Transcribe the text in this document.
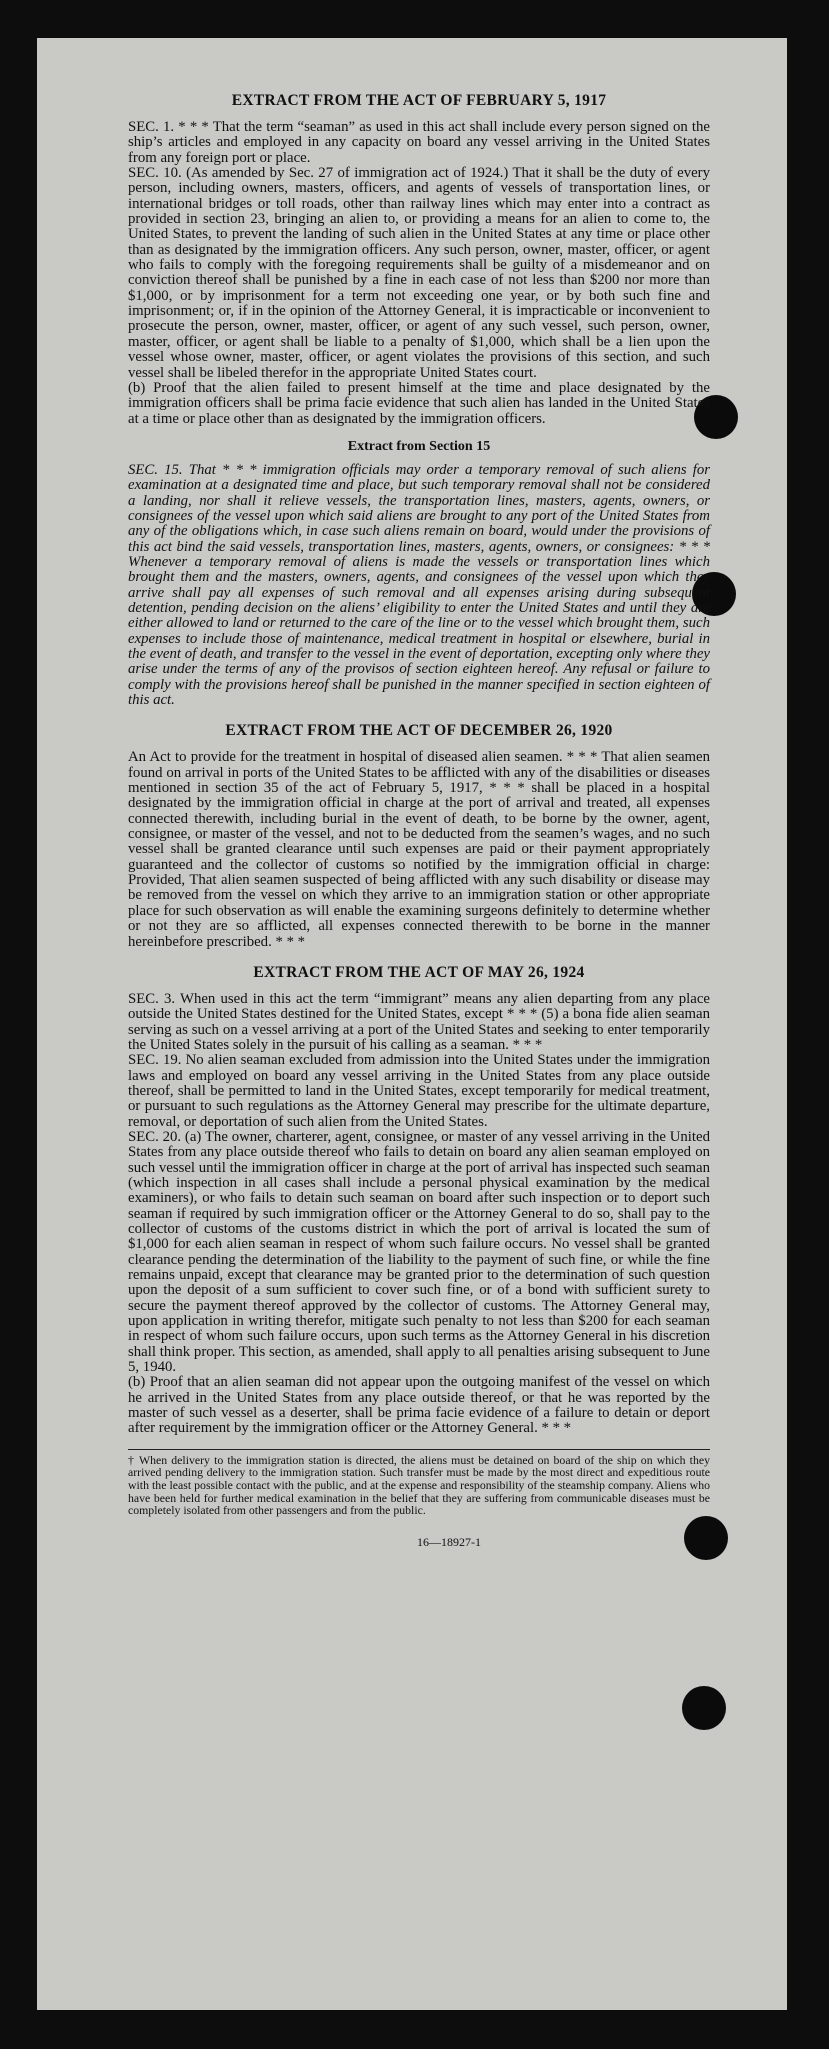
EXTRACT FROM THE ACT OF FEBRUARY 5, 1917

SEC. 1. * * * That the term “seaman” as used in this act shall include every person signed on the ship’s articles and employed in any capacity on board any vessel arriving in the United States from any foreign port or place.

SEC. 10. (As amended by Sec. 27 of immigration act of 1924.) That it shall be the duty of every person, including owners, masters, officers, and agents of vessels of transportation lines, or international bridges or toll roads, other than railway lines which may enter into a contract as provided in section 23, bringing an alien to, or providing a means for an alien to come to, the United States, to prevent the landing of such alien in the United States at any time or place other than as designated by the immigration officers. Any such person, owner, master, officer, or agent who fails to comply with the foregoing requirements shall be guilty of a misdemeanor and on conviction thereof shall be punished by a fine in each case of not less than $200 nor more than $1,000, or by imprisonment for a term not exceeding one year, or by both such fine and imprisonment; or, if in the opinion of the Attorney General, it is impracticable or inconvenient to prosecute the person, owner, master, officer, or agent of any such vessel, such person, owner, master, officer, or agent shall be liable to a penalty of $1,000, which shall be a lien upon the vessel whose owner, master, officer, or agent violates the provisions of this section, and such vessel shall be libeled therefor in the appropriate United States court.

(b) Proof that the alien failed to present himself at the time and place designated by the immigration officers shall be prima facie evidence that such alien has landed in the United States at a time or place other than as designated by the immigration officers.

Extract from Section 15

SEC. 15. That * * * immigration officials may order a temporary removal of such aliens for examination at a designated time and place, but such temporary removal shall not be considered a landing, nor shall it relieve vessels, the transportation lines, masters, agents, owners, or consignees of the vessel upon which said aliens are brought to any port of the United States from any of the obligations which, in case such aliens remain on board, would under the provisions of this act bind the said vessels, transportation lines, masters, agents, owners, or consignees: * * * Whenever a temporary removal of aliens is made the vessels or transportation lines which brought them and the masters, owners, agents, and consignees of the vessel upon which they arrive shall pay all expenses of such removal and all expenses arising during subsequent detention, pending decision on the aliens’ eligibility to enter the United States and until they are either allowed to land or returned to the care of the line or to the vessel which brought them, such expenses to include those of maintenance, medical treatment in hospital or elsewhere, burial in the event of death, and transfer to the vessel in the event of deportation, excepting only where they arise under the terms of any of the provisos of section eighteen hereof. Any refusal or failure to comply with the provisions hereof shall be punished in the manner specified in section eighteen of this act.

EXTRACT FROM THE ACT OF DECEMBER 26, 1920

An Act to provide for the treatment in hospital of diseased alien seamen. * * * That alien seamen found on arrival in ports of the United States to be afflicted with any of the disabilities or diseases mentioned in section 35 of the act of February 5, 1917, * * * shall be placed in a hospital designated by the immigration official in charge at the port of arrival and treated, all expenses connected therewith, including burial in the event of death, to be borne by the owner, agent, consignee, or master of the vessel, and not to be deducted from the seamen’s wages, and no such vessel shall be granted clearance until such expenses are paid or their payment appropriately guaranteed and the collector of customs so notified by the immigration official in charge: Provided, That alien seamen suspected of being afflicted with any such disability or disease may be removed from the vessel on which they arrive to an immigration station or other appropriate place for such observation as will enable the examining surgeons definitely to determine whether or not they are so afflicted, all expenses connected therewith to be borne in the manner hereinbefore prescribed. * * *

EXTRACT FROM THE ACT OF MAY 26, 1924

SEC. 3. When used in this act the term “immigrant” means any alien departing from any place outside the United States destined for the United States, except * * * (5) a bona fide alien seaman serving as such on a vessel arriving at a port of the United States and seeking to enter temporarily the United States solely in the pursuit of his calling as a seaman. * * *

SEC. 19. No alien seaman excluded from admission into the United States under the immigration laws and employed on board any vessel arriving in the United States from any place outside thereof, shall be permitted to land in the United States, except temporarily for medical treatment, or pursuant to such regulations as the Attorney General may prescribe for the ultimate departure, removal, or deportation of such alien from the United States.

SEC. 20. (a) The owner, charterer, agent, consignee, or master of any vessel arriving in the United States from any place outside thereof who fails to detain on board any alien seaman employed on such vessel until the immigration officer in charge at the port of arrival has inspected such seaman (which inspection in all cases shall include a personal physical examination by the medical examiners), or who fails to detain such seaman on board after such inspection or to deport such seaman if required by such immigration officer or the Attorney General to do so, shall pay to the collector of customs of the customs district in which the port of arrival is located the sum of $1,000 for each alien seaman in respect of whom such failure occurs. No vessel shall be granted clearance pending the determination of the liability to the payment of such fine, or while the fine remains unpaid, except that clearance may be granted prior to the determination of such question upon the deposit of a sum sufficient to cover such fine, or of a bond with sufficient surety to secure the payment thereof approved by the collector of customs. The Attorney General may, upon application in writing therefor, mitigate such penalty to not less than $200 for each seaman in respect of whom such failure occurs, upon such terms as the Attorney General in his discretion shall think proper. This section, as amended, shall apply to all penalties arising subsequent to June 5, 1940.

(b) Proof that an alien seaman did not appear upon the outgoing manifest of the vessel on which he arrived in the United States from any place outside thereof, or that he was reported by the master of such vessel as a deserter, shall be prima facie evidence of a failure to detain or deport after requirement by the immigration officer or the Attorney General. * * *

† When delivery to the immigration station is directed, the aliens must be detained on board of the ship on which they arrived pending delivery to the immigration station. Such transfer must be made by the most direct and expeditious route with the least possible contact with the public, and at the expense and responsibility of the steamship company. Aliens who have been held for further medical examination in the belief that they are suffering from communicable diseases must be completely isolated from other passengers and from the public.

16—18927-1
